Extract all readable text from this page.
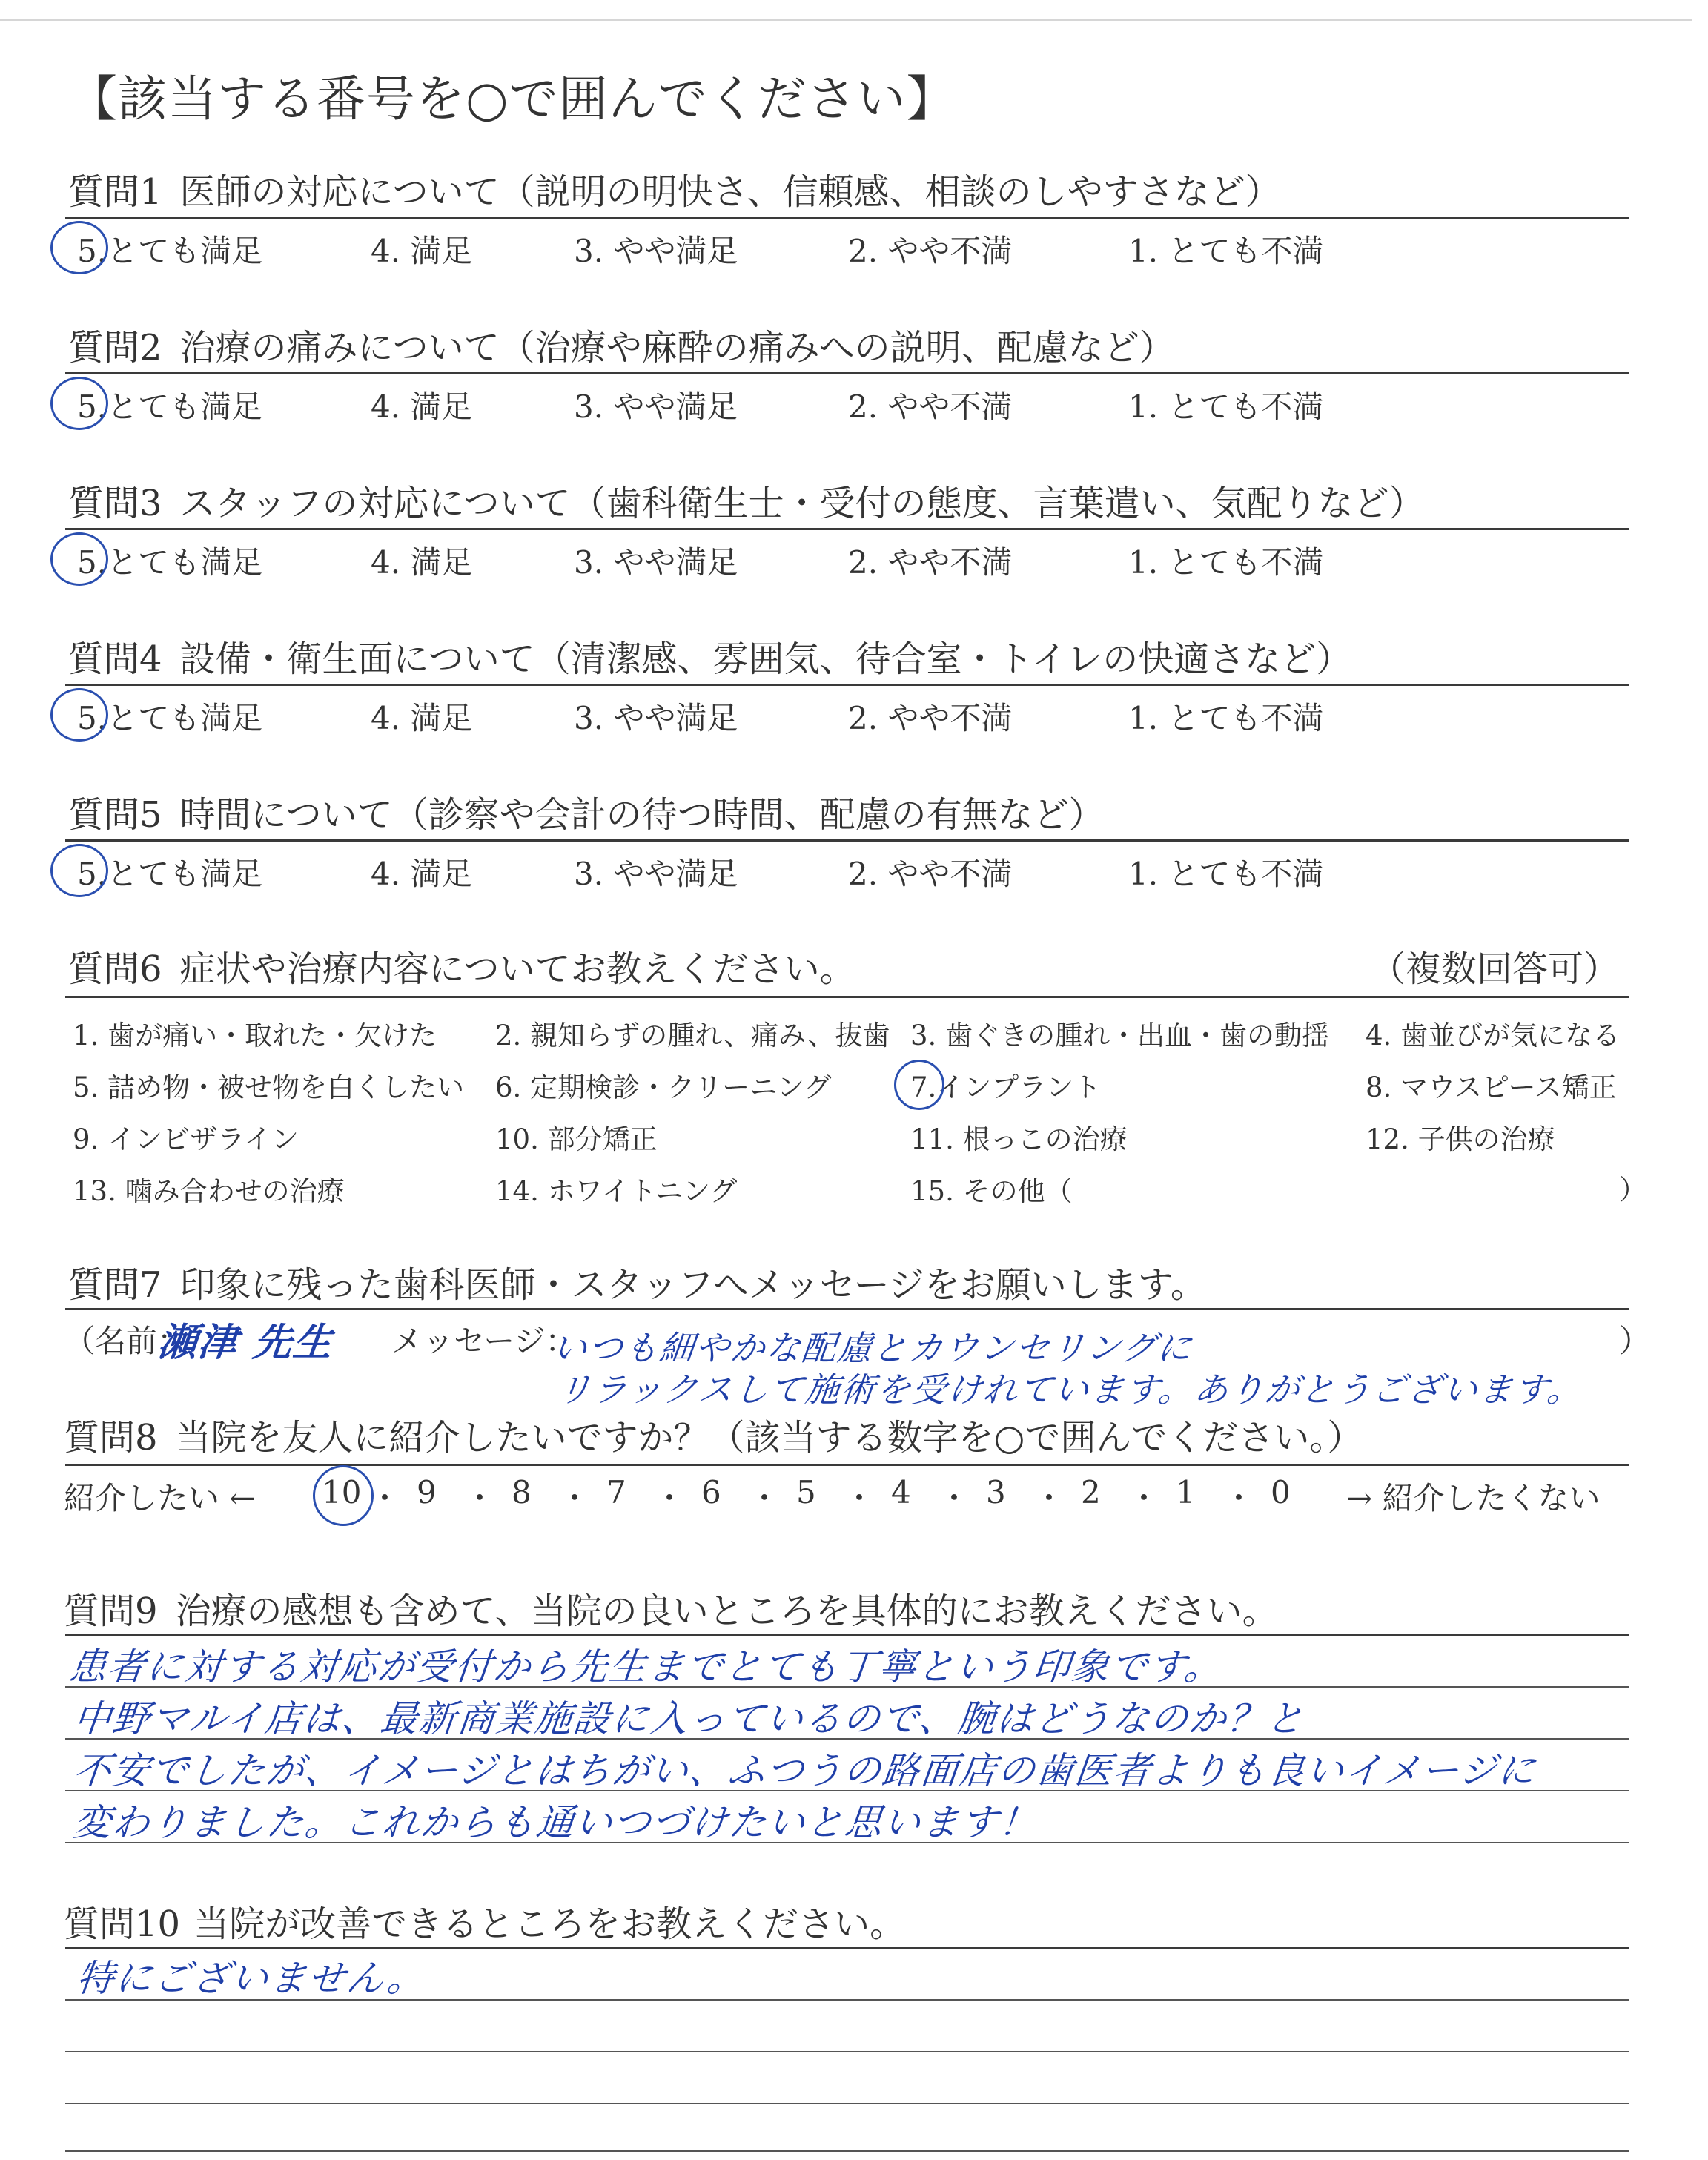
【該当する番号を○で囲んでください】
質問1 医師の対応について（説明の明快さ、信頼感、相談のしやすさなど）
5.とても満足	4. 満足	3. やや満足	2. やや不満	1. とても不満
質問2 治療の痛みについて（治療や麻酔の痛みへの説明、配慮など）
5.とても満足	4. 満足	3. やや満足	2. やや不満	1. とても不満
質問3 スタッフの対応について（歯科衛生士・受付の態度、言葉遣い、気配りなど）
5.とても満足	4. 満足	3. やや満足	2. やや不満	1. とても不満
質問4 設備・衛生面について（清潔感、雰囲気、待合室・トイレの快適さなど）
5.とても満足	4. 満足	3. やや満足	2. やや不満	1. とても不満
質問5 時間について（診察や会計の待つ時間、配慮の有無など）
5.とても満足	4. 満足	3. やや満足	2. やや不満	1. とても不満
質問6 症状や治療内容についてお教えください。	（複数回答可）
1. 歯が痛い・取れた・欠けた 2. 親知らずの腫れ、痛み、抜歯 3. 歯ぐきの腫れ・出血・歯の動揺 4. 歯並びが気になる
5. 詰め物・被せ物を白くしたい 6. 定期検診・クリーニング	7.インプラント	8. マウスピース矯正
9. インビザライン	10. 部分矯正	11. 根っこの治療	12. 子供の治療
13. 噛み合わせの治療	14. ホワイトニング	15. その他（	）
質問7 印象に残った歯科医師・スタッフへメッセージをお願いします。
（名前：
瀬津 先生 メッセージ：
いつも細やかな配慮とカウンセリングに
リラックスして施術を受けれています。ありがとうございます。
）
質問8 当院を友人に紹介したいですか？（該当する数字を○で囲んでください。）
紹介したい ← 10 ・ 9 ・ 8 ・ 7 ・ 6 ・ 5 ・ 4 ・ 3 ・ 2 ・ 1 ・ 0 → 紹介したくない
質問9 治療の感想も含めて、当院の良いところを具体的にお教えください。
患者に対する対応が受付から先生までとても丁寧という印象です。
中野マルイ店は、最新商業施設に入っているので、腕はどうなのか？と
不安でしたが、イメージとはちがい、ふつうの路面店の歯医者よりも良いイメージに
変わりました。これからも通いつづけたいと思います！
質問10 当院が改善できるところをお教えください。
特にございません。
